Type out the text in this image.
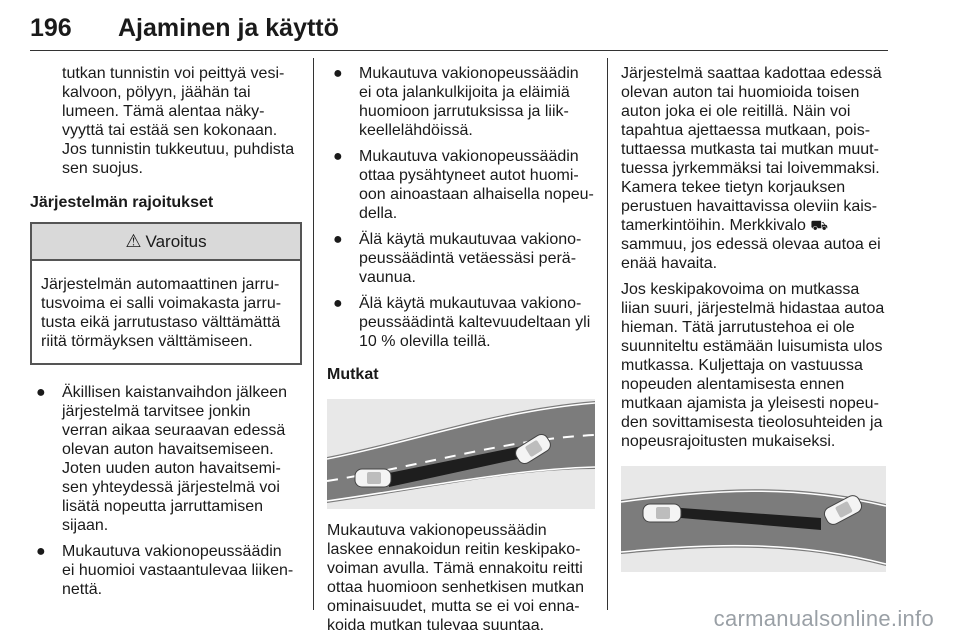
196 Ajaminen ja käyttö

tutkan tunnistin voi peittyä vesi-

kalvoon, pölyyn, jäähän tai

lumeen. Tämä alentaa näky-

vyyttä tai estää sen kokonaan.

Jos tunnistin tukkeutuu, puhdista

sen suojus.

Järjestelmän rajoitukset

⚠ Varoitus

Järjestelmän automaattinen jarru-

tusvoima ei salli voimakasta jarru-

tusta eikä jarrutustaso välttämättä

riitä törmäyksen välttämiseen.

● Äkillisen kaistanvaihdon jälkeen

järjestelmä tarvitsee jonkin

verran aikaa seuraavan edessä

olevan auton havaitsemiseen.

Joten uuden auton havaitsemi-

sen yhteydessä järjestelmä voi

lisätä nopeutta jarruttamisen

sijaan.

● Mukautuva vakionopeussäädin

ei huomioi vastaantulevaa liiken-

nettä.

● Mukautuva vakionopeussäädin

ei ota jalankulkijoita ja eläimiä

huomioon jarrutuksissa ja liik-

keellelähdöissä.

● Mukautuva vakionopeussäädin

ottaa pysähtyneet autot huomi-

oon ainoastaan alhaisella nopeu-

della.

● Älä käytä mukautuvaa vakiono-

peussäädintä vetäessäsi perä-

vaunua.

● Älä käytä mukautuvaa vakiono-

peussäädintä kaltevuudeltaan yli

10 % olevilla teillä.

Mutkat

Mukautuva vakionopeussäädin

laskee ennakoidun reitin keskipako-

voiman avulla. Tämä ennakoitu reitti

ottaa huomioon senhetkisen mutkan

ominaisuudet, mutta se ei voi enna-

koida mutkan tulevaa suuntaa.

Järjestelmä saattaa kadottaa edessä

olevan auton tai huomioida toisen

auton joka ei ole reitillä. Näin voi

tapahtua ajettaessa mutkaan, pois-

tuttaessa mutkasta tai mutkan muut-

tuessa jyrkemmäksi tai loivemmaksi.

Kamera tekee tietyn korjauksen

perustuen havaittavissa oleviin kais-

tamerkintöihin. Merkkivalo ⛟

sammuu, jos edessä olevaa autoa ei

enää havaita.

Jos keskipakovoima on mutkassa

liian suuri, järjestelmä hidastaa autoa

hieman. Tätä jarrutustehoa ei ole

suunniteltu estämään luisumista ulos

mutkassa. Kuljettaja on vastuussa

nopeuden alentamisesta ennen

mutkaan ajamista ja yleisesti nopeu-

den sovittamisesta tieolosuhteiden ja

nopeusrajoitusten mukaiseksi.

carmanualsonline.info
